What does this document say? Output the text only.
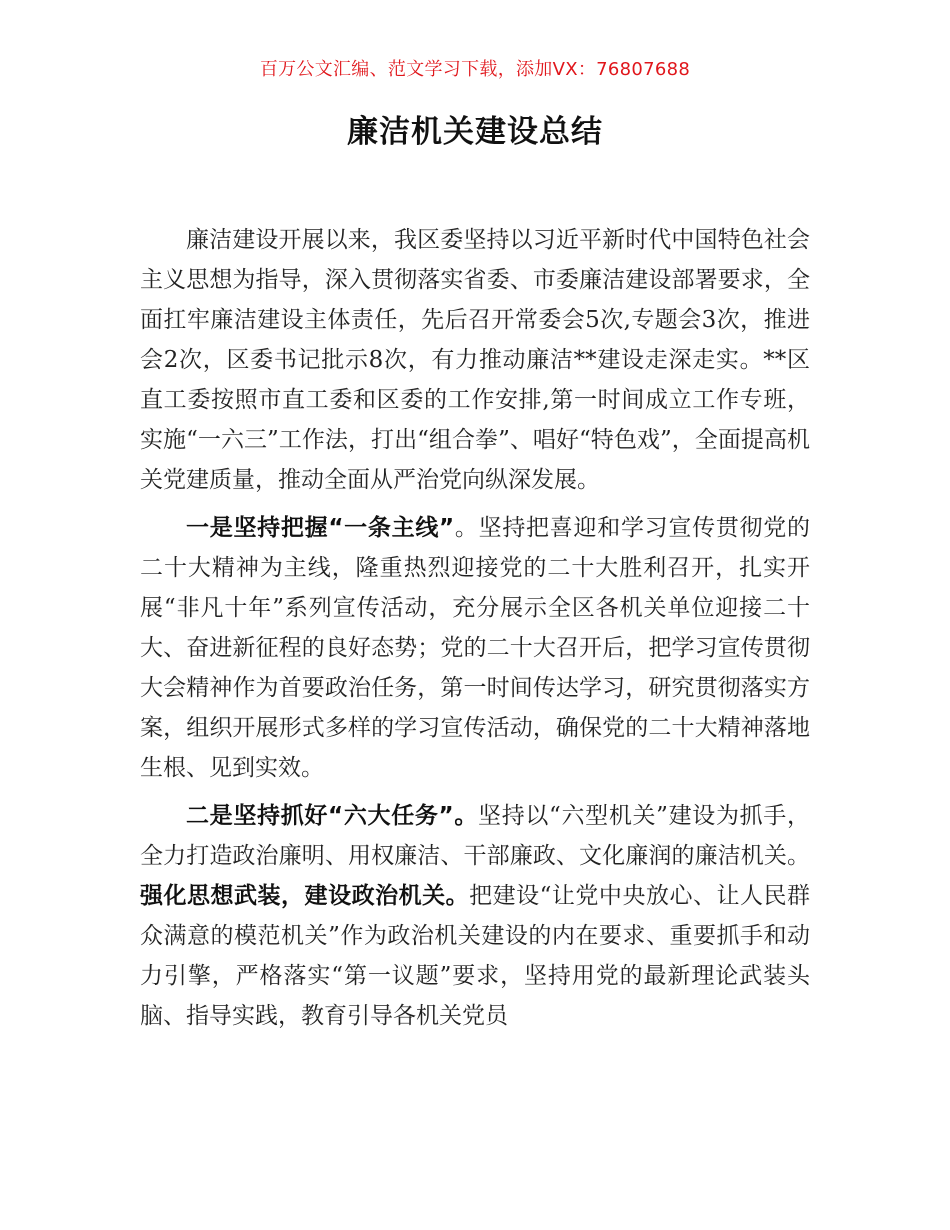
百万公文汇编、范文学习下载，添加VX：76807688
廉洁机关建设总结

廉洁建设开展以来，我区委坚持以习近平新时代中国特色社会主义思想为指导，深入贯彻落实省委、市委廉洁建设部署要求，全面扛牢廉洁建设主体责任，先后召开常委会5次,专题会3次，推进会2次，区委书记批示8次，有力推动廉洁**建设走深走实。**区直工委按照市直工委和区委的工作安排,第一时间成立工作专班，实施“一六三”工作法，打出“组合拳”、唱好“特色戏”，全面提高机关党建质量，推动全面从严治党向纵深发展。

一是坚持把握“一条主线”。坚持把喜迎和学习宣传贯彻党的二十大精神为主线，隆重热烈迎接党的二十大胜利召开，扎实开展“非凡十年”系列宣传活动，充分展示全区各机关单位迎接二十大、奋进新征程的良好态势；党的二十大召开后，把学习宣传贯彻大会精神作为首要政治任务，第一时间传达学习，研究贯彻落实方案，组织开展形式多样的学习宣传活动，确保党的二十大精神落地生根、见到实效。

二是坚持抓好“六大任务”。坚持以“六型机关”建设为抓手，全力打造政治廉明、用权廉洁、干部廉政、文化廉润的廉洁机关。强化思想武装，建设政治机关。把建设“让党中央放心、让人民群众满意的模范机关”作为政治机关建设的内在要求、重要抓手和动力引擎，严格落实“第一议题”要求，坚持用党的最新理论武装头脑、指导实践，教育引导各机关党员
